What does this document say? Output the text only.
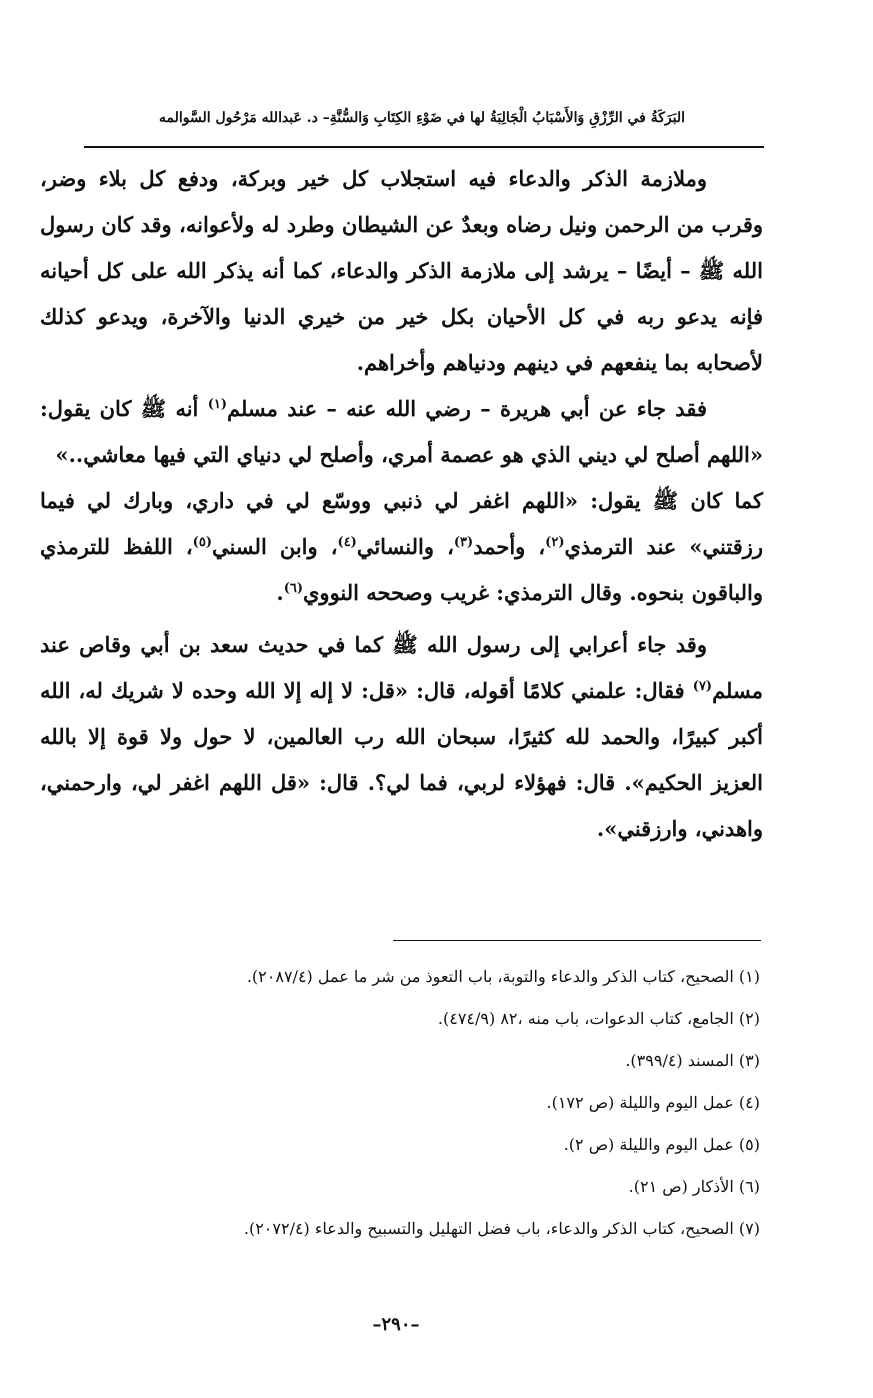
البَرَكَةُ في الرِّزْقِ وَالأَسْبَابُ الْجَالِبَةُ لها في ضَوْءِ الكِتَابِ وَالسُّنَّةِ– د. عَبدالله مَرْحُول السَّوالمه

وملازمة الذكر والدعاء فيه استجلاب كل خير وبركة، ودفع كل بلاء وضر، وقرب من الرحمن ونيل رضاه وبعدٌ عن الشيطان وطرد له ولأعوانه، وقد كان رسول الله ﷺ – أيضًا – يرشد إلى ملازمة الذكر والدعاء، كما أنه يذكر الله على كل أحيانه فإنه يدعو ربه في كل الأحيان بكل خير من خيري الدنيا والآخرة، ويدعو كذلك لأصحابه بما ينفعهم في دينهم ودنياهم وأخراهم.

فقد جاء عن أبي هريرة – رضي الله عنه – عند مسلم$^{(١)}$ أنه ﷺ كان يقول: «اللهم أصلح لي ديني الذي هو عصمة أمري، وأصلح لي دنياي التي فيها معاشي..»

كما كان ﷺ يقول: «اللهم اغفر لي ذنبي ووسّع لي في داري، وبارك لي فيما رزقتني» عند الترمذي$^{(٢)}$، وأحمد$^{(٣)}$، والنسائي$^{(٤)}$، وابن السني$^{(٥)}$، اللفظ للترمذي والباقون بنحوه. وقال الترمذي: غريب وصححه النووي$^{(٦)}$.

وقد جاء أعرابي إلى رسول الله ﷺ كما في حديث سعد بن أبي وقاص عند مسلم$^{(٧)}$ فقال: علمني كلامًا أقوله، قال: «قل: لا إله إلا الله وحده لا شريك له، الله أكبر كبيرًا، والحمد لله كثيرًا، سبحان الله رب العالمين، لا حول ولا قوة إلا بالله العزيز الحكيم». قال: فهؤلاء لربي، فما لي؟. قال: «قل اللهم اغفر لي، وارحمني، واهدني، وارزقني».

(١) الصحيح، كتاب الذكر والدعاء والتوبة، باب التعوذ من شر ما عمل (٢٠٨٧/٤).

(٢) الجامع، كتاب الدعوات، باب منه ،٨٢ (٤٧٤/٩).

(٣) المسند (٣٩٩/٤).

(٤) عمل اليوم والليلة (ص ١٧٢).

(٥) عمل اليوم والليلة (ص ٢).

(٦) الأذكار (ص ٢١).

(٧) الصحيح، كتاب الذكر والدعاء، باب فضل التهليل والتسبيح والدعاء (٢٠٧٢/٤).

–٢٩٠–
